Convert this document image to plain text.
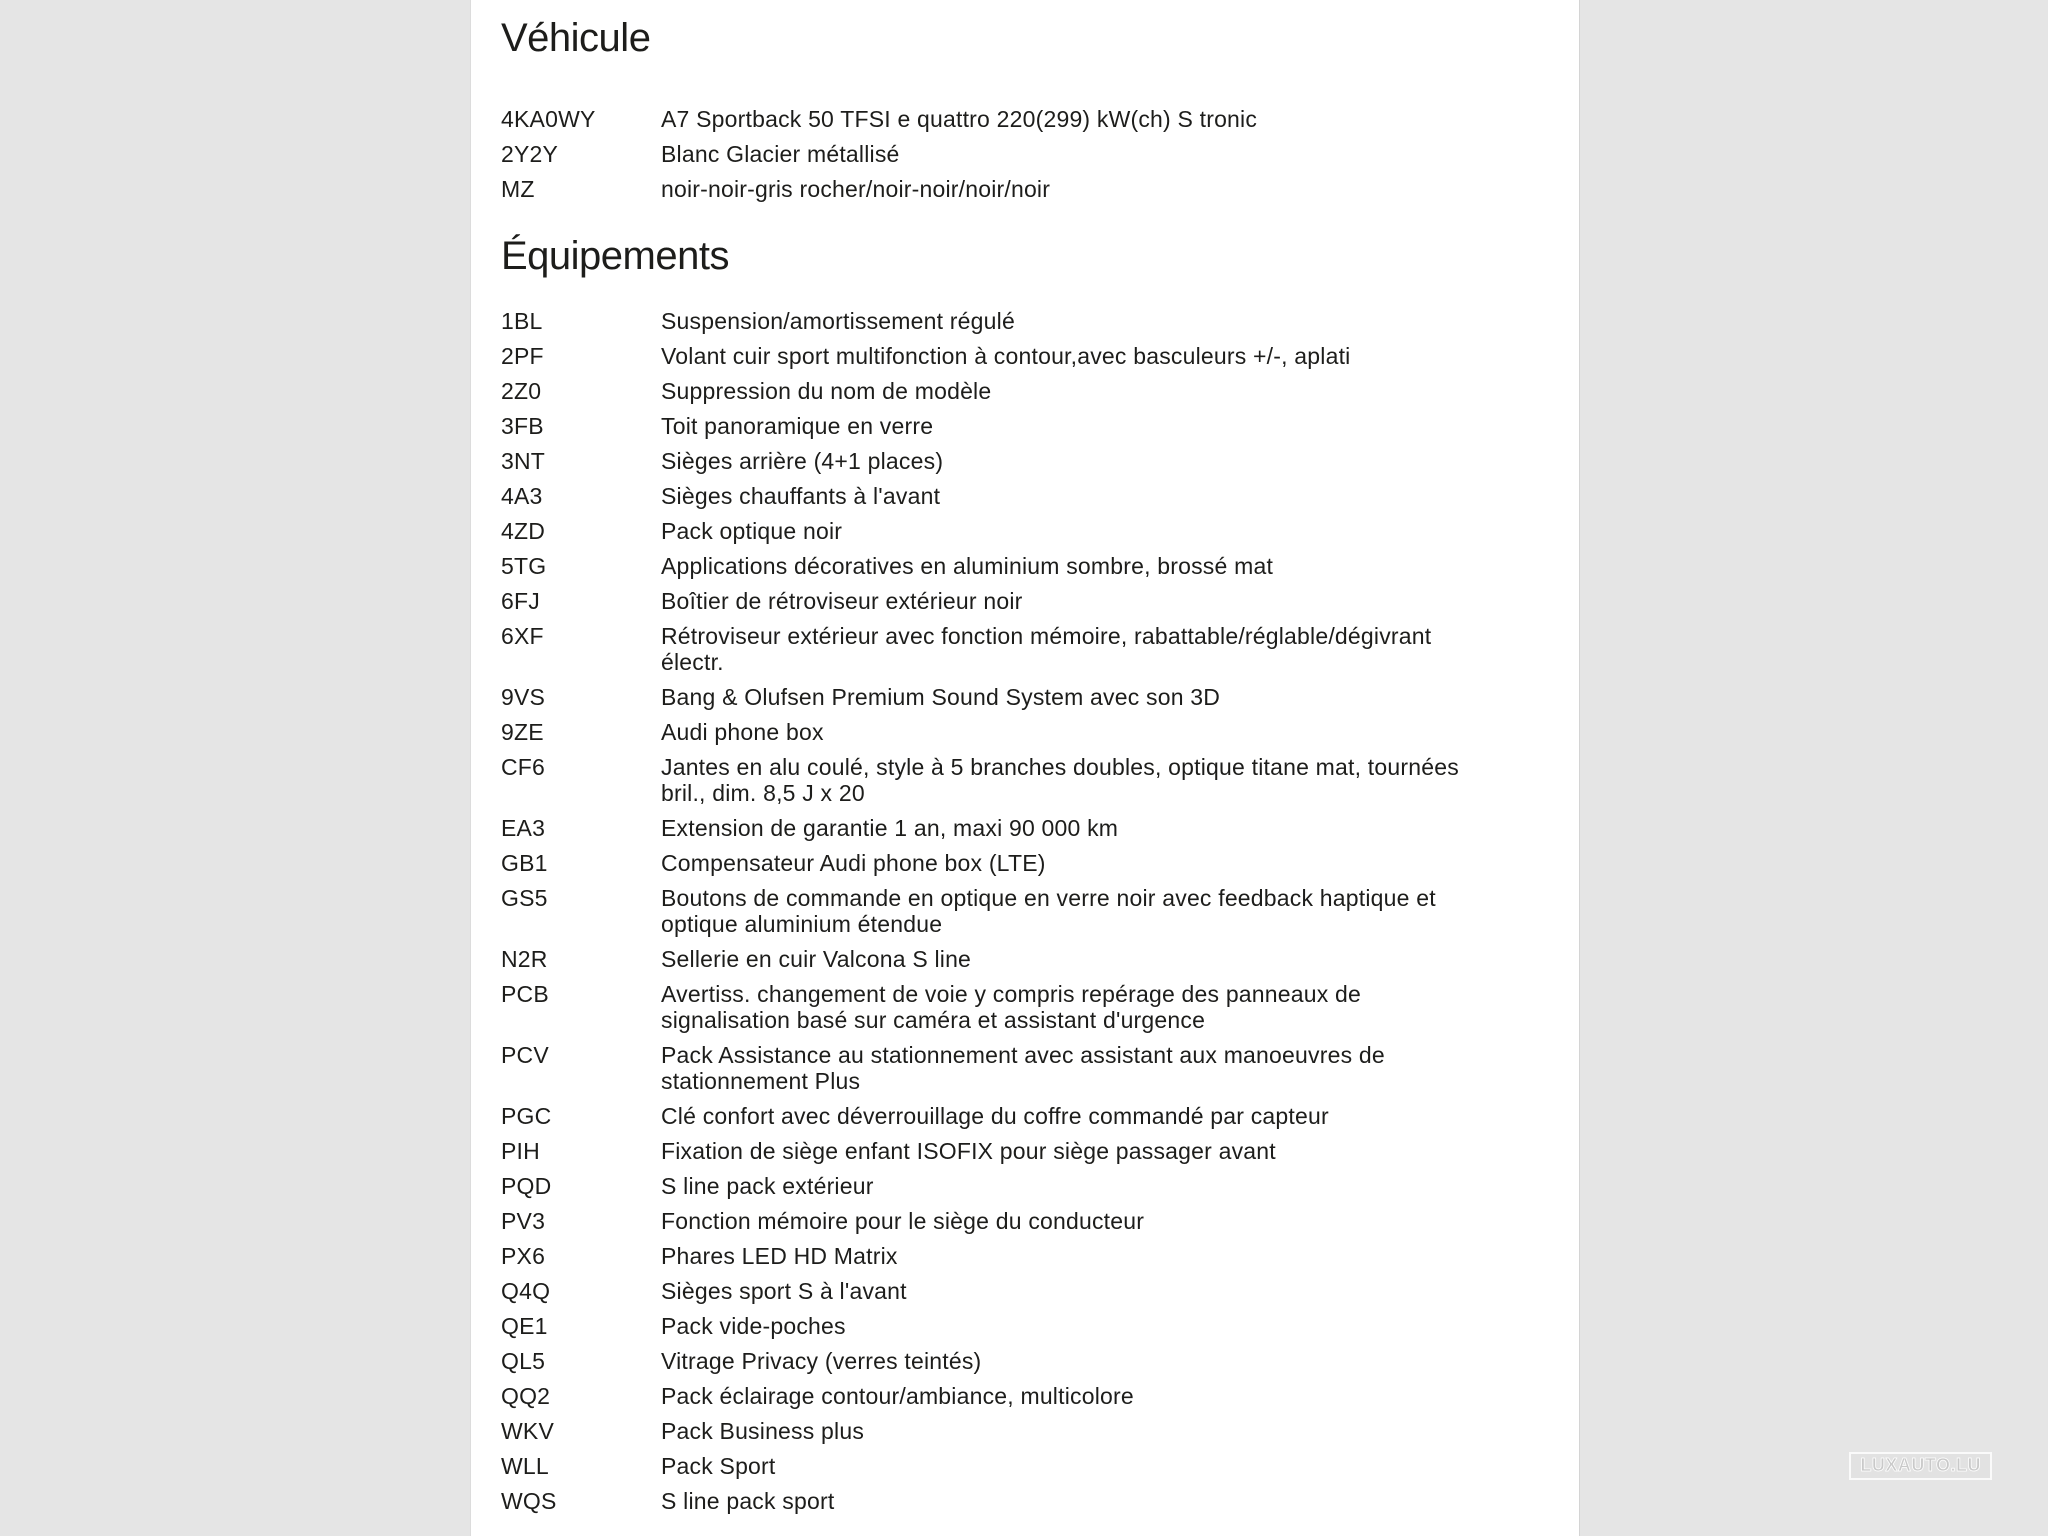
Véhicule
4KA0WY	A7 Sportback 50 TFSI e quattro 220(299) kW(ch) S tronic
2Y2Y	Blanc Glacier métallisé
MZ	noir-noir-gris rocher/noir-noir/noir/noir
Équipements
1BL	Suspension/amortissement régulé
2PF	Volant cuir sport multifonction à contour,avec basculeurs +/-, aplati
2Z0	Suppression du nom de modèle
3FB	Toit panoramique en verre
3NT	Sièges arrière (4+1 places)
4A3	Sièges chauffants à l'avant
4ZD	Pack optique noir
5TG	Applications décoratives en aluminium sombre, brossé mat
6FJ	Boîtier de rétroviseur extérieur noir
6XF	Rétroviseur extérieur avec fonction mémoire, rabattable/réglable/dégivrant électr.
9VS	Bang & Olufsen Premium Sound System avec son 3D
9ZE	Audi phone box
CF6	Jantes en alu coulé, style à 5 branches doubles, optique titane mat, tournées bril., dim. 8,5 J x 20
EA3	Extension de garantie 1 an, maxi 90 000 km
GB1	Compensateur Audi phone box (LTE)
GS5	Boutons de commande en optique en verre noir avec feedback haptique et optique aluminium étendue
N2R	Sellerie en cuir Valcona S line
PCB	Avertiss. changement de voie y compris repérage des panneaux de signalisation basé sur caméra et assistant d'urgence
PCV	Pack Assistance au stationnement avec assistant aux manoeuvres de stationnement Plus
PGC	Clé confort avec déverrouillage du coffre commandé par capteur
PIH	Fixation de siège enfant ISOFIX pour siège passager avant
PQD	S line pack extérieur
PV3	Fonction mémoire pour le siège du conducteur
PX6	Phares LED HD Matrix
Q4Q	Sièges sport S à l'avant
QE1	Pack vide-poches
QL5	Vitrage Privacy (verres teintés)
QQ2	Pack éclairage contour/ambiance, multicolore
WKV	Pack Business plus
WLL	Pack Sport
WQS	S line pack sport
LUXAUTO.LU
